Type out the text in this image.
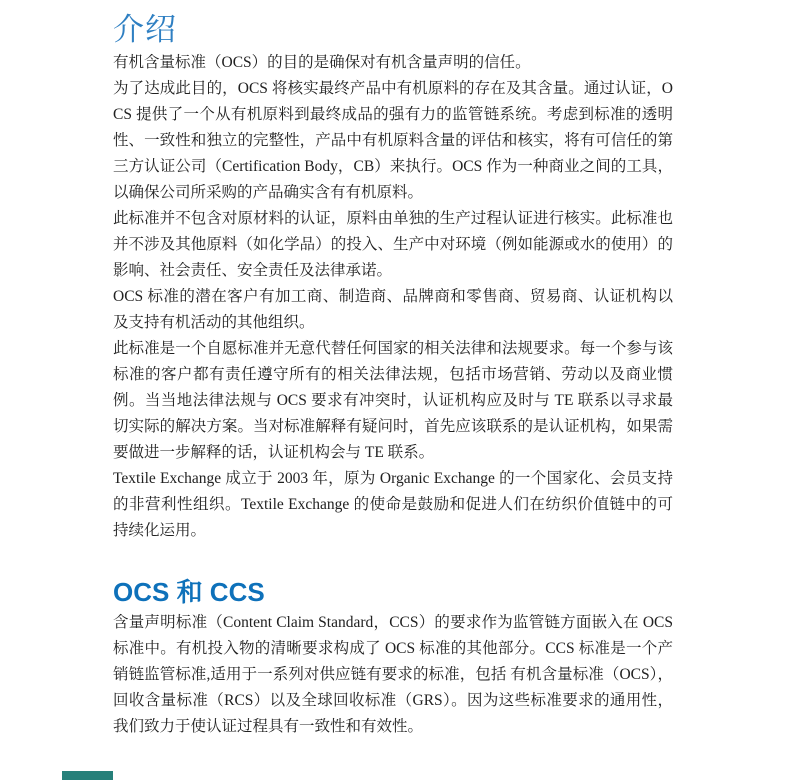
介绍

有机含量标准（OCS）的目的是确保对有机含量声明的信任。

为了达成此目的，OCS 将核实最终产品中有机原料的存在及其含量。通过认证，OCS 提供了一个从有机原料到最终成品的强有力的监管链系统。考虑到标准的透明性、一致性和独立的完整性，产品中有机原料含量的评估和核实，将有可信任的第三方认证公司（Certification Body，CB）来执行。OCS 作为一种商业之间的工具，以确保公司所采购的产品确实含有有机原料。

此标准并不包含对原材料的认证，原料由单独的生产过程认证进行核实。此标准也并不涉及其他原料（如化学品）的投入、生产中对环境（例如能源或水的使用）的影响、社会责任、安全责任及法律承诺。

OCS 标准的潜在客户有加工商、制造商、品牌商和零售商、贸易商、认证机构以及支持有机活动的其他组织。

此标准是一个自愿标准并无意代替任何国家的相关法律和法规要求。每一个参与该标准的客户都有责任遵守所有的相关法律法规，包括市场营销、劳动以及商业惯例。当当地法律法规与 OCS 要求有冲突时，认证机构应及时与 TE 联系以寻求最切实际的解决方案。当对标准解释有疑问时，首先应该联系的是认证机构，如果需要做进一步解释的话，认证机构会与 TE 联系。

Textile Exchange 成立于 2003 年，原为 Organic Exchange 的一个国家化、会员支持的非营利性组织。Textile Exchange 的使命是鼓励和促进人们在纺织价值链中的可持续化运用。

OCS 和 CCS

含量声明标准（Content Claim Standard，CCS）的要求作为监管链方面嵌入在 OCS 标准中。有机投入物的清晰要求构成了 OCS 标准的其他部分。CCS 标准是一个产销链监管标准,适用于一系列对供应链有要求的标准，包括 有机含量标准（OCS）， 回收含量标准（RCS）以及全球回收标准（GRS）。因为这些标准要求的通用性，我们致力于使认证过程具有一致性和有效性。
